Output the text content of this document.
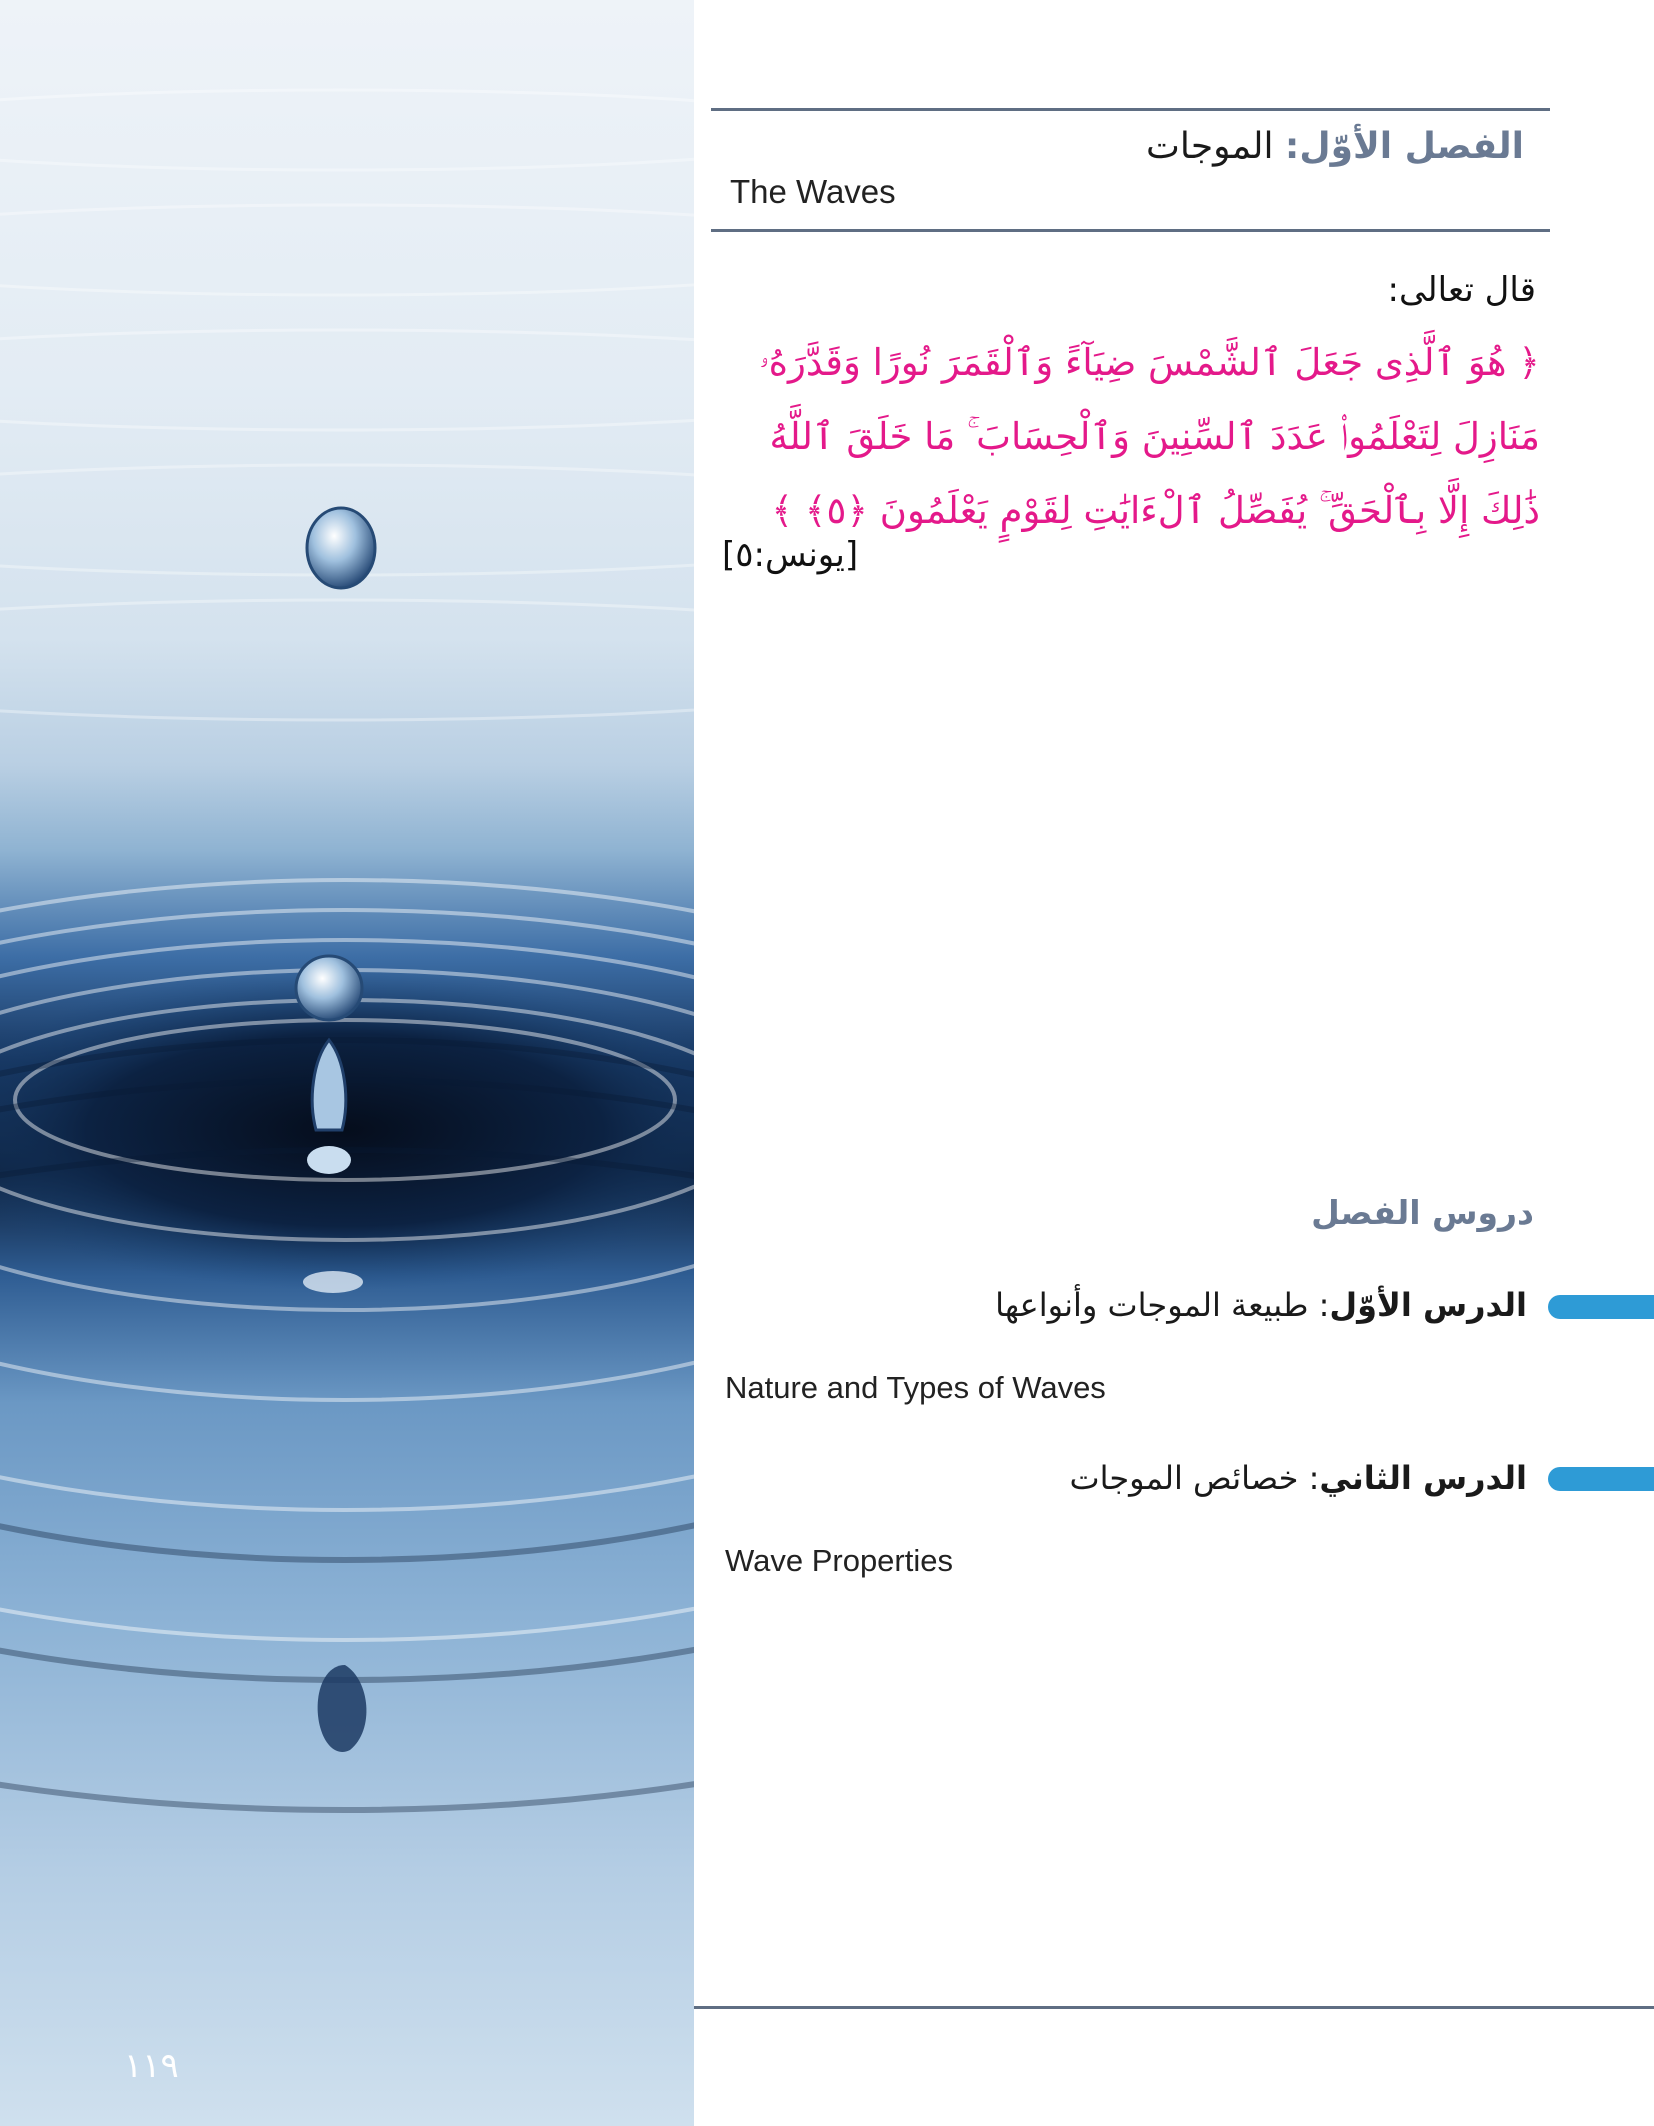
١١٩
الفصل الأوّل: الموجات
The Waves
قال تعالى:
﴿ هُوَ ٱلَّذِى جَعَلَ ٱلشَّمْسَ ضِيَآءً وَٱلْقَمَرَ نُورًا وَقَدَّرَهُۥ مَنَازِلَ لِتَعْلَمُوا۟ عَدَدَ ٱلسِّنِينَ وَٱلْحِسَابَ ۚ مَا خَلَقَ ٱللَّهُ ذَٰلِكَ إِلَّا بِٱلْحَقِّ ۚ يُفَصِّلُ ٱلْءَايَٰتِ لِقَوْمٍ يَعْلَمُونَ ﴿٥﴾ ﴾
[يونس:٥]
دروس الفصل
الدرس الأوّل: طبيعة الموجات وأنواعها
Nature and Types of Waves
الدرس الثاني: خصائص الموجات
Wave Properties
